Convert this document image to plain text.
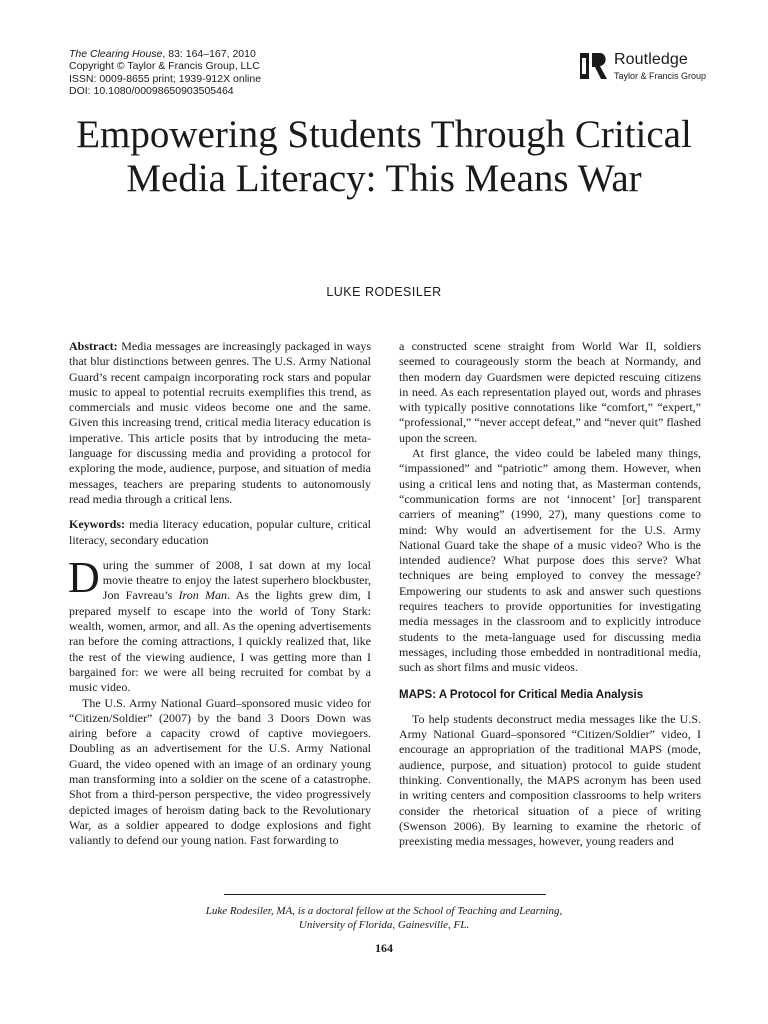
The Clearing House, 83: 164–167, 2010
Copyright © Taylor & Francis Group, LLC
ISSN: 0009-8655 print; 1939-912X online
DOI: 10.1080/00098650903505464
Routledge
Taylor & Francis Group
Empowering Students Through Critical Media Literacy: This Means War
LUKE RODESILER

Abstract: Media messages are increasingly packaged in ways that blur distinctions between genres. The U.S. Army National Guard’s recent campaign incorporating rock stars and popular music to appeal to potential recruits exemplifies this trend, as commercials and music videos become one and the same. Given this increasing trend, critical media literacy education is imperative. This article posits that by introducing the meta-language for discussing media and providing a protocol for exploring the mode, audience, purpose, and situation of media messages, teachers are preparing students to autonomously read media through a critical lens.

Keywords: media literacy education, popular culture, critical literacy, secondary education

During the summer of 2008, I sat down at my local movie theatre to enjoy the latest superhero blockbuster, Jon Favreau’s Iron Man. As the lights grew dim, I prepared myself to escape into the world of Tony Stark: wealth, women, armor, and all. As the opening advertisements ran before the coming attractions, I quickly realized that, like the rest of the viewing audience, I was getting more than I bargained for: we were all being recruited for combat by a music video.

The U.S. Army National Guard–sponsored music video for “Citizen/Soldier” (2007) by the band 3 Doors Down was airing before a capacity crowd of captive moviegoers. Doubling as an advertisement for the U.S. Army National Guard, the video opened with an image of an ordinary young man transforming into a soldier on the scene of a catastrophe. Shot from a third-person perspective, the video progressively depicted images of heroism dating back to the Revolutionary War, as a soldier appeared to dodge explosions and fight valiantly to defend our young nation. Fast forwarding to

a constructed scene straight from World War II, soldiers seemed to courageously storm the beach at Normandy, and then modern day Guardsmen were depicted rescuing citizens in need. As each representation played out, words and phrases with typically positive connotations like “comfort,” “expert,” “professional,” “never accept defeat,” and “never quit” flashed upon the screen.

At first glance, the video could be labeled many things, “impassioned” and “patriotic” among them. However, when using a critical lens and noting that, as Masterman contends, “communication forms are not ‘innocent’ [or] transparent carriers of meaning” (1990, 27), many questions come to mind: Why would an advertisement for the U.S. Army National Guard take the shape of a music video? Who is the intended audience? What purpose does this serve? What techniques are being employed to convey the message? Empowering our students to ask and answer such questions requires teachers to provide opportunities for investigating media messages in the classroom and to explicitly introduce students to the meta-language used for discussing media messages, including those embedded in nontraditional media, such as short films and music videos.

MAPS: A Protocol for Critical Media Analysis

To help students deconstruct media messages like the U.S. Army National Guard–sponsored “Citizen/Soldier” video, I encourage an appropriation of the traditional MAPS (mode, audience, purpose, and situation) protocol to guide student thinking. Conventionally, the MAPS acronym has been used in writing centers and composition classrooms to help writers consider the rhetorical situation of a piece of writing (Swenson 2006). By learning to examine the rhetoric of preexisting media messages, however, young readers and

Luke Rodesiler, MA, is a doctoral fellow at the School of Teaching and Learning,
University of Florida, Gainesville, FL.
164
